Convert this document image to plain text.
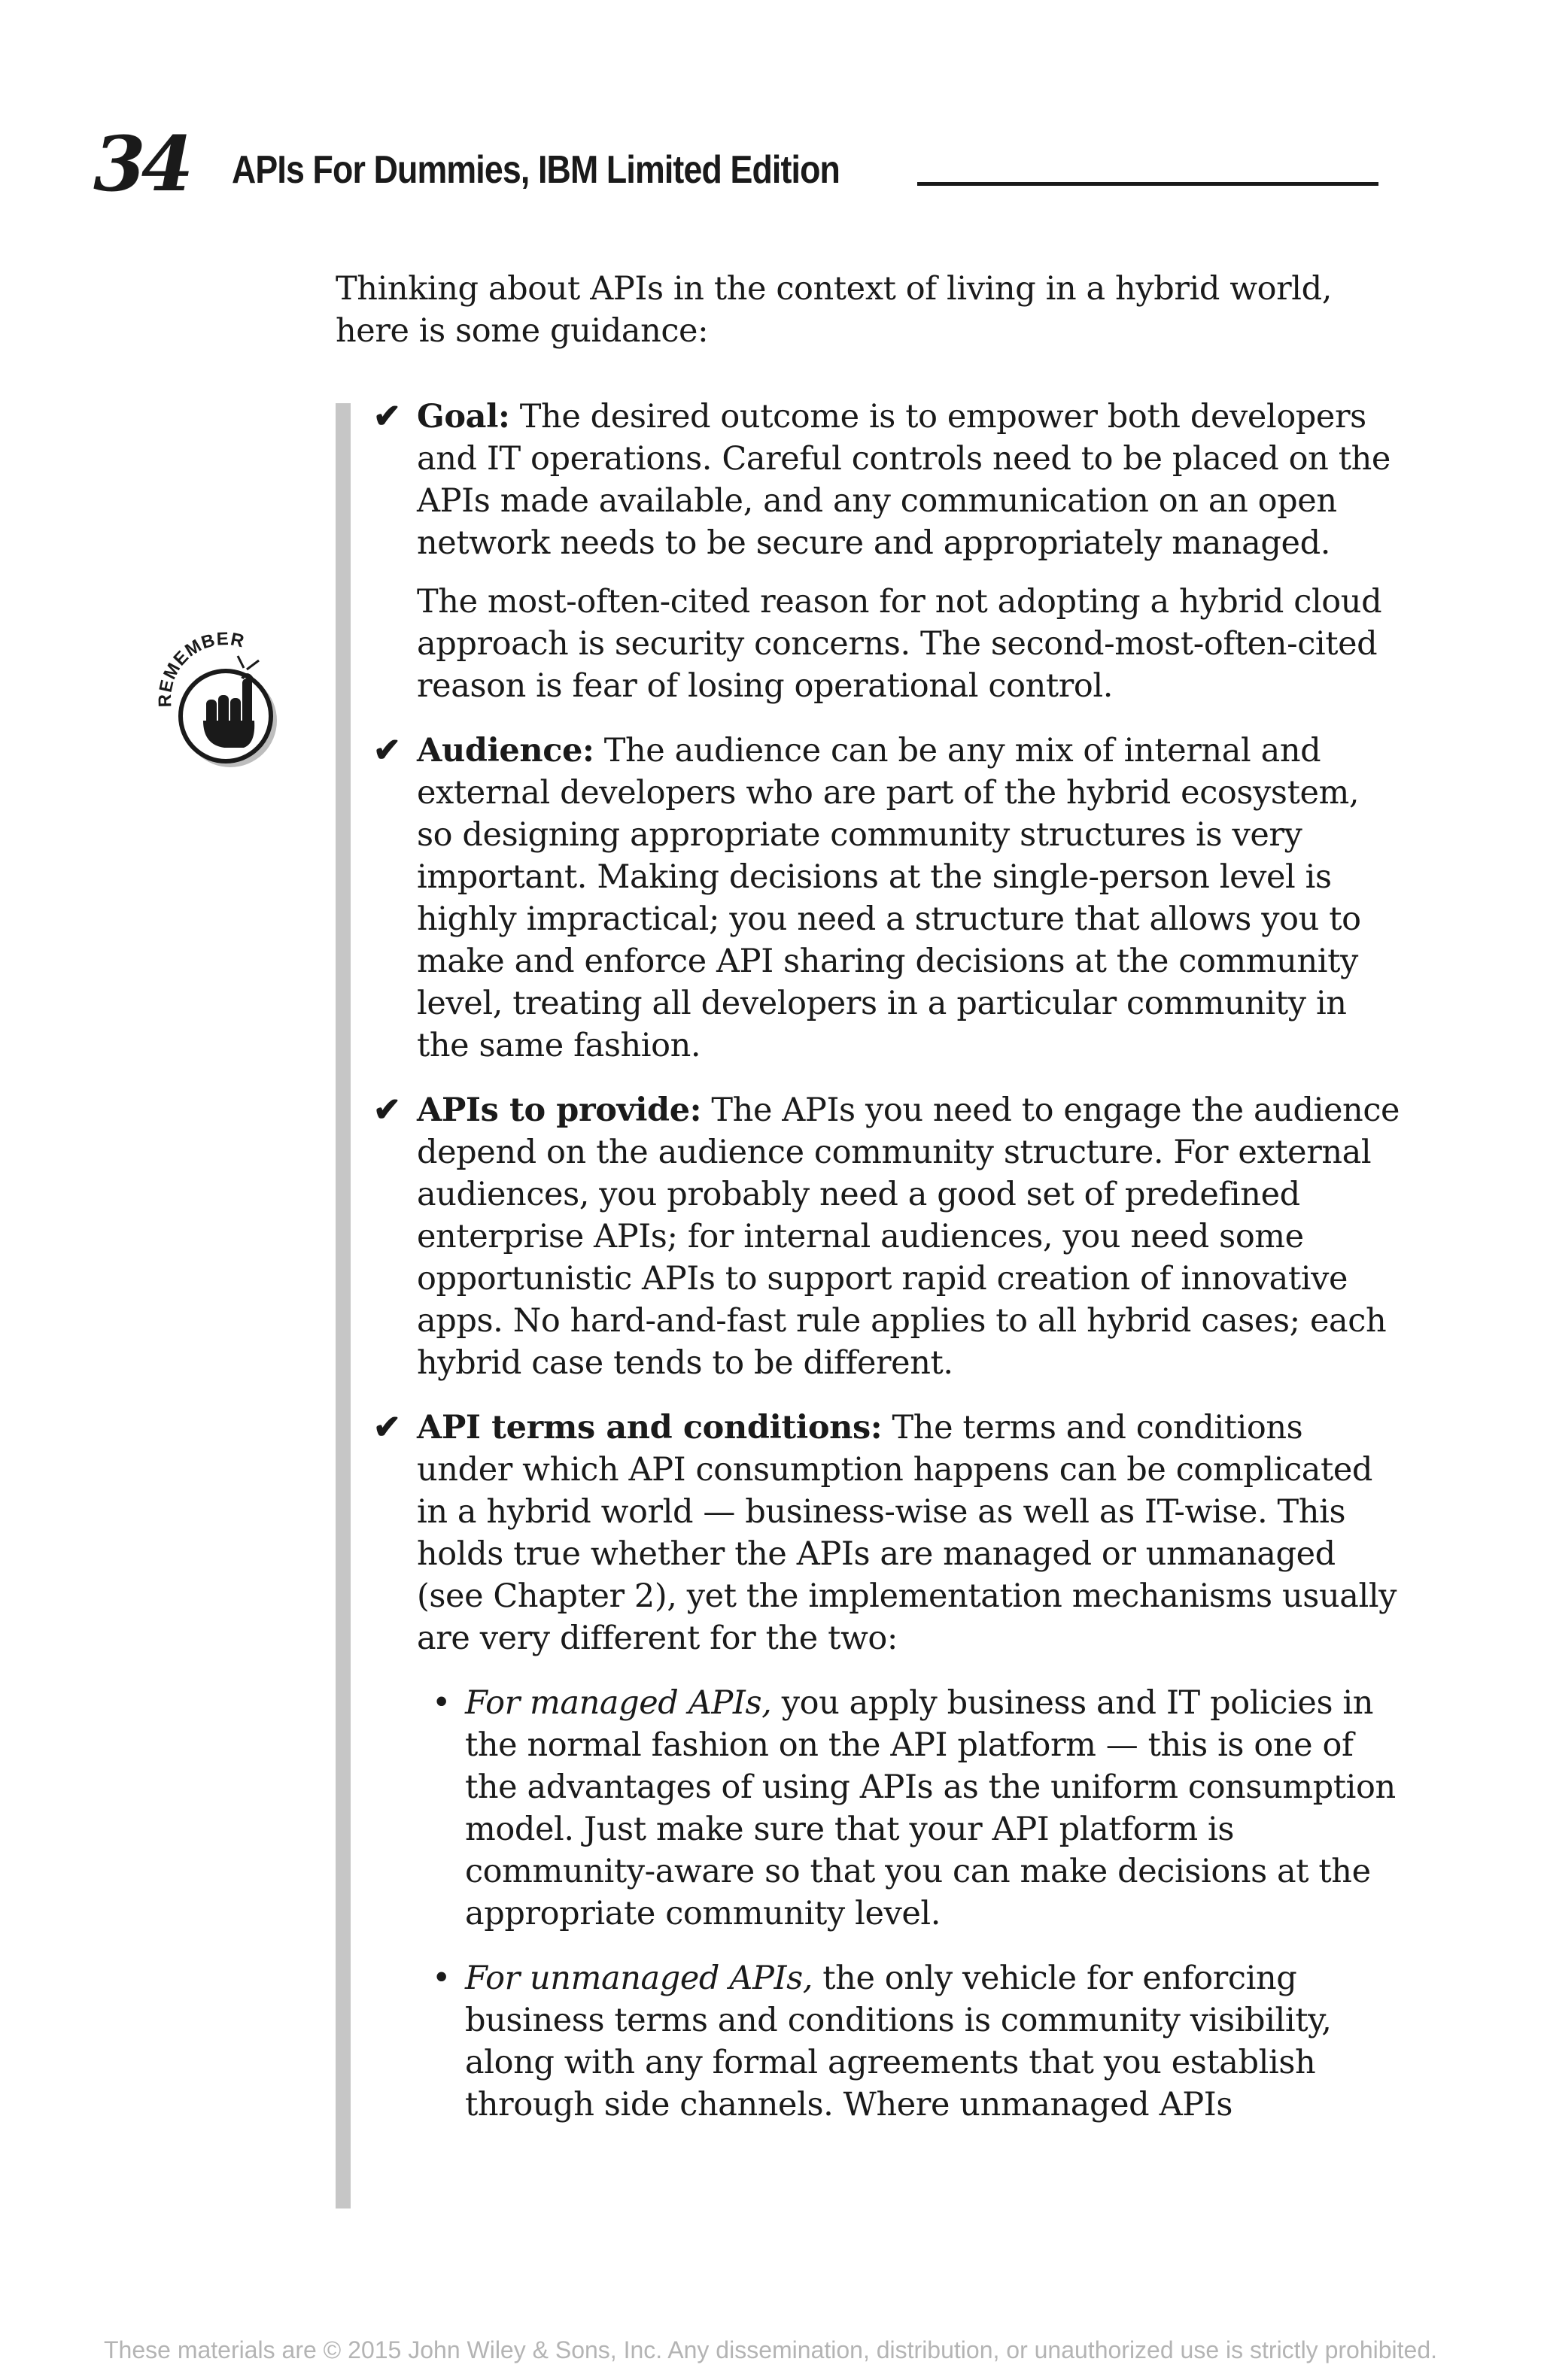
34 APIs For Dummies, IBM Limited Edition
Thinking about APIs in the context of living in a hybrid world, here is some guidance:
REMEMBER
✔ Goal: The desired outcome is to empower both developers and IT operations. Careful controls need to be placed on the APIs made available, and any communication on an open network needs to be secure and appropriately managed.
The most-often-cited reason for not adopting a hybrid cloud approach is security concerns. The second-most-often-cited reason is fear of losing operational control.
✔ Audience: The audience can be any mix of internal and external developers who are part of the hybrid ecosystem, so designing appropriate community structures is very important. Making decisions at the single-person level is highly impractical; you need a structure that allows you to make and enforce API sharing decisions at the community level, treating all developers in a particular community in the same fashion.
✔ APIs to provide: The APIs you need to engage the audience depend on the audience community structure. For external audiences, you probably need a good set of predefined enterprise APIs; for internal audiences, you need some opportunistic APIs to support rapid creation of innovative apps. No hard-and-fast rule applies to all hybrid cases; each hybrid case tends to be different.
✔ API terms and conditions: The terms and conditions under which API consumption happens can be complicated in a hybrid world — business-wise as well as IT-wise. This holds true whether the APIs are managed or unmanaged (see Chapter 2), yet the implementation mechanisms usually are very different for the two:
• For managed APIs, you apply business and IT policies in the normal fashion on the API platform — this is one of the advantages of using APIs as the uniform consumption model. Just make sure that your API platform is community-aware so that you can make decisions at the appropriate community level.
• For unmanaged APIs, the only vehicle for enforcing business terms and conditions is community visibility, along with any formal agreements that you establish through side channels. Where unmanaged APIs
These materials are © 2015 John Wiley & Sons, Inc. Any dissemination, distribution, or unauthorized use is strictly prohibited.
